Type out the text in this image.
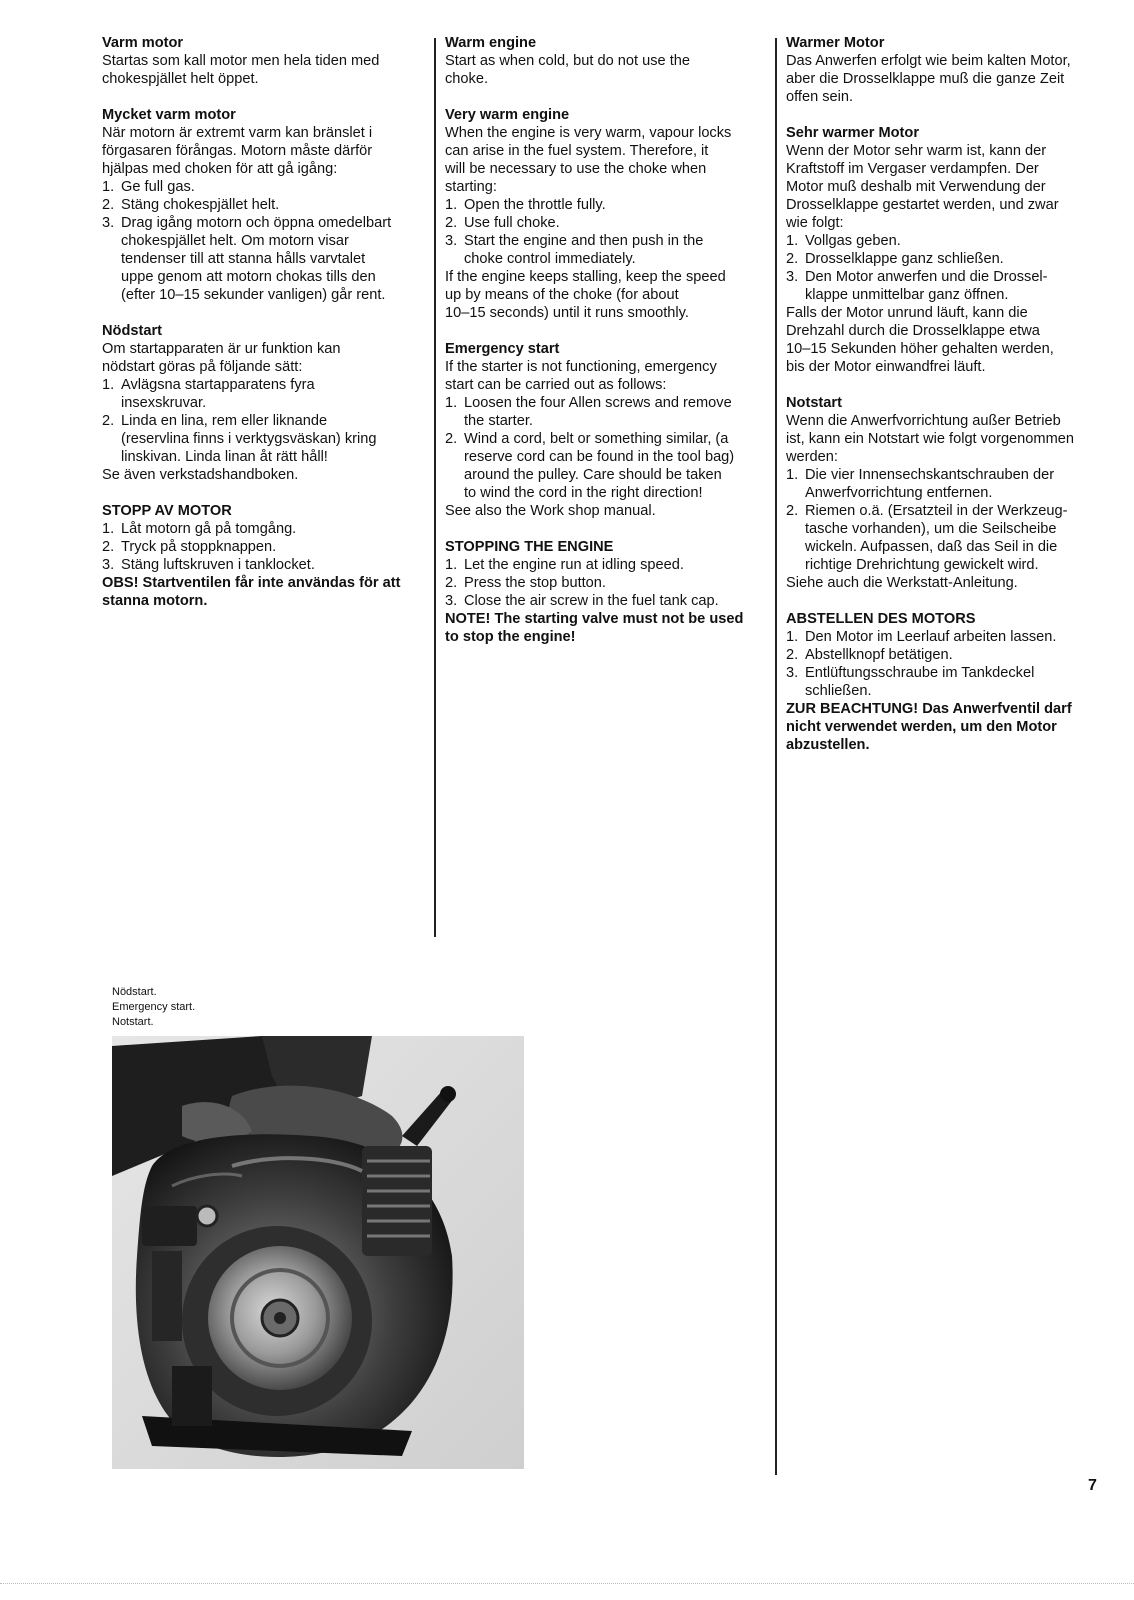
Varm motor

Startas som kall motor men hela tiden med

chokespjället helt öppet.

Mycket varm motor

När motorn är extremt varm kan bränslet i

förgasaren förångas. Motorn måste därför

hjälpas med choken för att gå igång:

1. Ge full gas.
2. Stäng chokespjället helt.
3. Drag igång motorn och öppna omedelbart
chokespjället helt. Om motorn visar
tendenser till att stanna hålls varvtalet
uppe genom att motorn chokas tills den
(efter 10–15 sekunder vanligen) går rent.
Nödstart

Om startapparaten är ur funktion kan

nödstart göras på följande sätt:

1. Avlägsna startapparatens fyra
insexskruvar.
2. Linda en lina, rem eller liknande
(reservlina finns i verktygsväskan) kring
linskivan. Linda linan åt rätt håll!

Se även verkstadshandboken.

STOPP AV MOTOR
1. Låt motorn gå på tomgång.
2. Tryck på stoppknappen.
3. Stäng luftskruven i tanklocket.

OBS! Startventilen får inte användas för att

stanna motorn.

Warm engine

Start as when cold, but do not use the

choke.

Very warm engine

When the engine is very warm, vapour locks

can arise in the fuel system. Therefore, it

will be necessary to use the choke when

starting:

1. Open the throttle fully.
2. Use full choke.
3. Start the engine and then push in the
choke control immediately.

If the engine keeps stalling, keep the speed

up by means of the choke (for about

10–15 seconds) until it runs smoothly.

Emergency start

If the starter is not functioning, emergency

start can be carried out as follows:

1. Loosen the four Allen screws and remove
the starter.
2. Wind a cord, belt or something similar, (a
reserve cord can be found in the tool bag)
around the pulley. Care should be taken
to wind the cord in the right direction!

See also the Work shop manual.

STOPPING THE ENGINE
1. Let the engine run at idling speed.
2. Press the stop button.
3. Close the air screw in the fuel tank cap.

NOTE! The starting valve must not be used

to stop the engine!

Warmer Motor

Das Anwerfen erfolgt wie beim kalten Motor,

aber die Drosselklappe muß die ganze Zeit

offen sein.

Sehr warmer Motor

Wenn der Motor sehr warm ist, kann der

Kraftstoff im Vergaser verdampfen. Der

Motor muß deshalb mit Verwendung der

Drosselklappe gestartet werden, und zwar

wie folgt:

1. Vollgas geben.
2. Drosselklappe ganz schließen.
3. Den Motor anwerfen und die Drossel-
klappe unmittelbar ganz öffnen.

Falls der Motor unrund läuft, kann die

Drehzahl durch die Drosselklappe etwa

10–15 Sekunden höher gehalten werden,

bis der Motor einwandfrei läuft.

Notstart

Wenn die Anwerfvorrichtung außer Betrieb

ist, kann ein Notstart wie folgt vorgenommen

werden:

1. Die vier Innensechskantschrauben der
Anwerfvorrichtung entfernen.
2. Riemen o.ä. (Ersatzteil in der Werkzeug-
tasche vorhanden), um die Seilscheibe
wickeln. Aufpassen, daß das Seil in die
richtige Drehrichtung gewickelt wird.

Siehe auch die Werkstatt-Anleitung.

ABSTELLEN DES MOTORS
1. Den Motor im Leerlauf arbeiten lassen.
2. Abstellknopf betätigen.
3. Entlüftungsschraube im Tankdeckel
schließen.

ZUR BEACHTUNG! Das Anwerfventil darf

nicht verwendet werden, um den Motor

abzustellen.

Nödstart.
Emergency start.
Notstart.
7
